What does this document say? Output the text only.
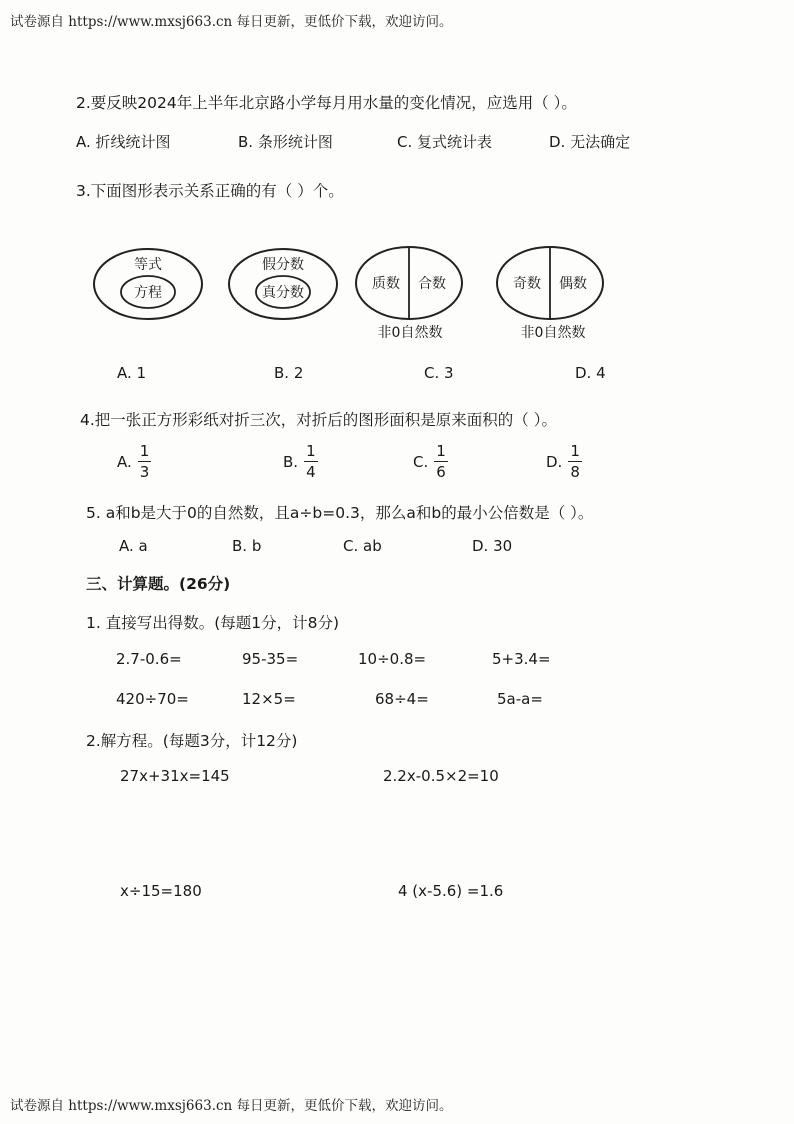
试卷源自 https://www.mxsj663.cn 每日更新，更低价下载，欢迎访问。
试卷源自 https://www.mxsj663.cn 每日更新，更低价下载，欢迎访问。
2.要反映2024年上半年北京路小学每月用水量的变化情况，应选用（ ）。
A. 折线统计图	B. 条形统计图	C. 复式统计表	D. 无法确定
3.下面图形表示关系正确的有（ ）个。
等式
方程
假分数
真分数
质数 合数
非0自然数
奇数 偶数
非0自然数
A. 1	B. 2	C. 3	D. 4
4.把一张正方形彩纸对折三次，对折后的图形面积是原来面积的（ ）。
A. $\frac{1}{3}$	B. $\frac{1}{4}$	C. $\frac{1}{6}$	D. $\frac{1}{8}$
5. a和b是大于0的自然数，且a÷b=0.3，那么a和b的最小公倍数是（ ）。
A. a	B. b	C. ab	D. 30
三、计算题。(26分)
1. 直接写出得数。(每题1分，计8分)
2.7-0.6=	95-35=	10÷0.8=	5+3.4=
420÷70=	12×5=	68÷4=	5a-a=
2.解方程。(每题3分，计12分)
27x+31x=145	2.2x-0.5×2=10
x÷15=180	4 (x-5.6) =1.6
